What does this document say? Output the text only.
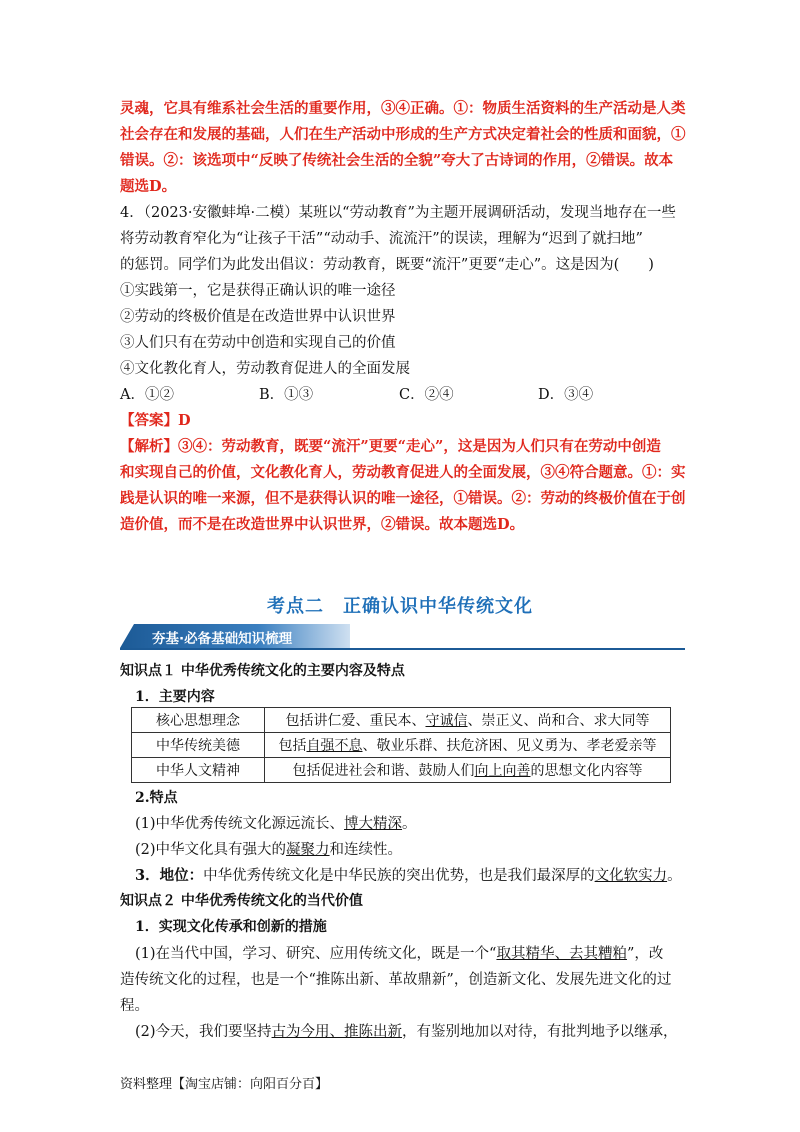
灵魂，它具有维系社会生活的重要作用，③④正确。①：物质生活资料的生产活动是人类
社会存在和发展的基础，人们在生产活动中形成的生产方式决定着社会的性质和面貌，①
错误。②：该选项中“反映了传统社会生活的全貌”夸大了古诗词的作用，②错误。故本
题选D。
4．（2023·安徽蚌埠·二模）某班以“劳动教育”为主题开展调研活动，发现当地存在一些
将劳动教育窄化为“让孩子干活”“动动手、流流汗”的误读，理解为“迟到了就扫地”
的惩罚。同学们为此发出倡议：劳动教育，既要“流汗”更要“走心”。这是因为(　　)
①实践第一，它是获得正确认识的唯一途径
②劳动的终极价值是在改造世界中认识世界
③人们只有在劳动中创造和实现自己的价值
④文化教化育人，劳动教育促进人的全面发展
A．①②	B．①③	C．②④	D．③④
【答案】D
【解析】③④：劳动教育，既要“流汗”更要“走心”，这是因为人们只有在劳动中创造
和实现自己的价值，文化教化育人，劳动教育促进人的全面发展，③④符合题意。①：实
践是认识的唯一来源，但不是获得认识的唯一途径，①错误。②：劳动的终极价值在于创
造价值，而不是在改造世界中认识世界，②错误。故本题选D。
考点二　正确认识中华传统文化
夯基·必备基础知识梳理
知识点１ 中华优秀传统文化的主要内容及特点
1．主要内容
核心思想理念	包括讲仁爱、重民本、守诚信、崇正义、尚和合、求大同等
中华传统美德	包括自强不息、敬业乐群、扶危济困、见义勇为、孝老爱亲等
中华人文精神	包括促进社会和谐、鼓励人们向上向善的思想文化内容等
2.特点
(1)中华优秀传统文化源远流长、博大精深。
(2)中华文化具有强大的凝聚力和连续性。
3．地位：中华优秀传统文化是中华民族的突出优势，也是我们最深厚的文化软实力。
知识点２ 中华优秀传统文化的当代价值
1．实现文化传承和创新的措施
(1)在当代中国，学习、研究、应用传统文化，既是一个“取其精华、去其糟粕”，改
造传统文化的过程，也是一个“推陈出新、革故鼎新”，创造新文化、发展先进文化的过
程。
(2)今天，我们要坚持古为今用、推陈出新，有鉴别地加以对待，有批判地予以继承，
资料整理【淘宝店铺：向阳百分百】
